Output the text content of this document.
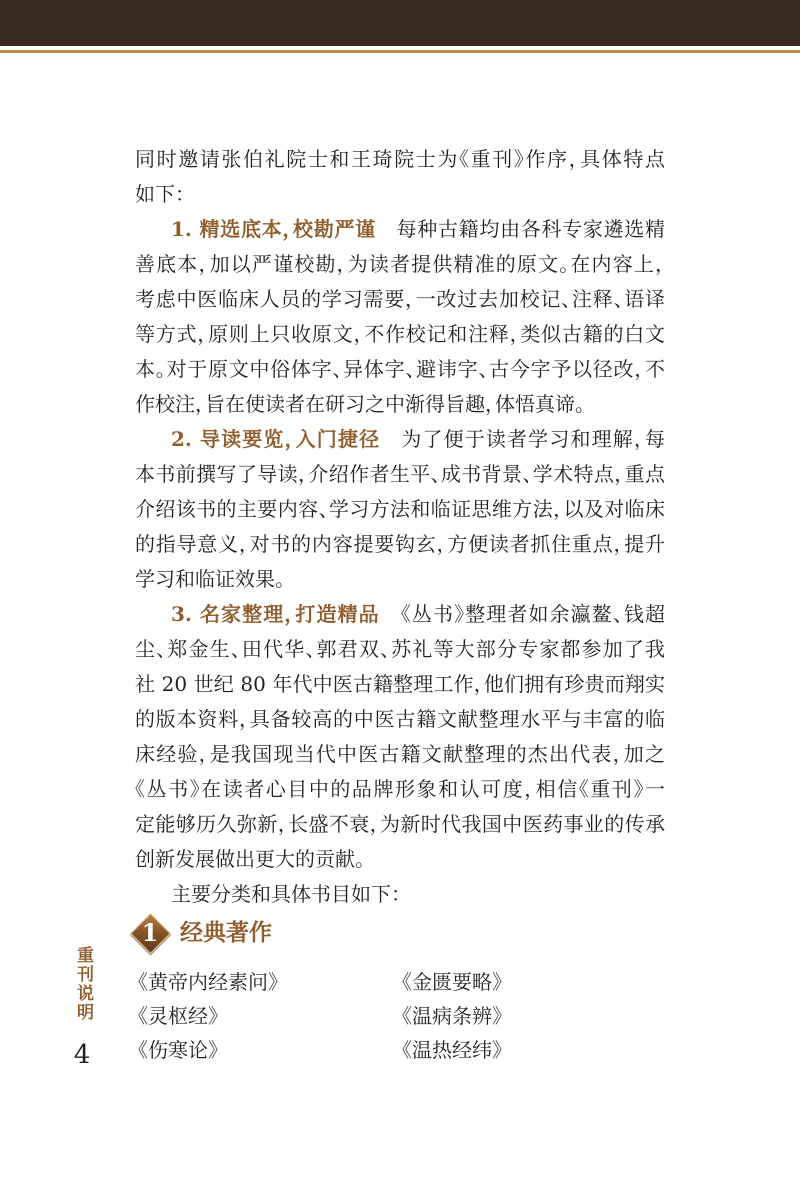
同时邀请张伯礼院士和王琦院士为《重刊》作序，具体特点
如下：
1. 精选底本，校勘严谨 每种古籍均由各科专家遴选精
善底本，加以严谨校勘，为读者提供精准的原文。在内容上，
考虑中医临床人员的学习需要，一改过去加校记、注释、语译
等方式，原则上只收原文，不作校记和注释，类似古籍的白文
本。对于原文中俗体字、异体字、避讳字、古今字予以径改，不
作校注，旨在使读者在研习之中渐得旨趣，体悟真谛。
2. 导读要览，入门捷径 为了便于读者学习和理解，每
本书前撰写了导读，介绍作者生平、成书背景、学术特点，重点
介绍该书的主要内容、学习方法和临证思维方法，以及对临床
的指导意义，对书的内容提要钩玄，方便读者抓住重点，提升
学习和临证效果。
3. 名家整理，打造精品 《丛书》整理者如余瀛鳌、钱超
尘、郑金生、田代华、郭君双、苏礼等大部分专家都参加了我
社 20 世纪 80 年代中医古籍整理工作，他们拥有珍贵而翔实
的版本资料，具备较高的中医古籍文献整理水平与丰富的临
床经验，是我国现当代中医古籍文献整理的杰出代表，加之
《丛书》在读者心目中的品牌形象和认可度，相信《重刊》一
定能够历久弥新，长盛不衰，为新时代我国中医药事业的传承
创新发展做出更大的贡献。
主要分类和具体书目如下：
1 经典著作
《黄帝内经素问》	《金匮要略》
《灵枢经》	《温病条辨》
《伤寒论》	《温热经纬》
重刊说明
4
